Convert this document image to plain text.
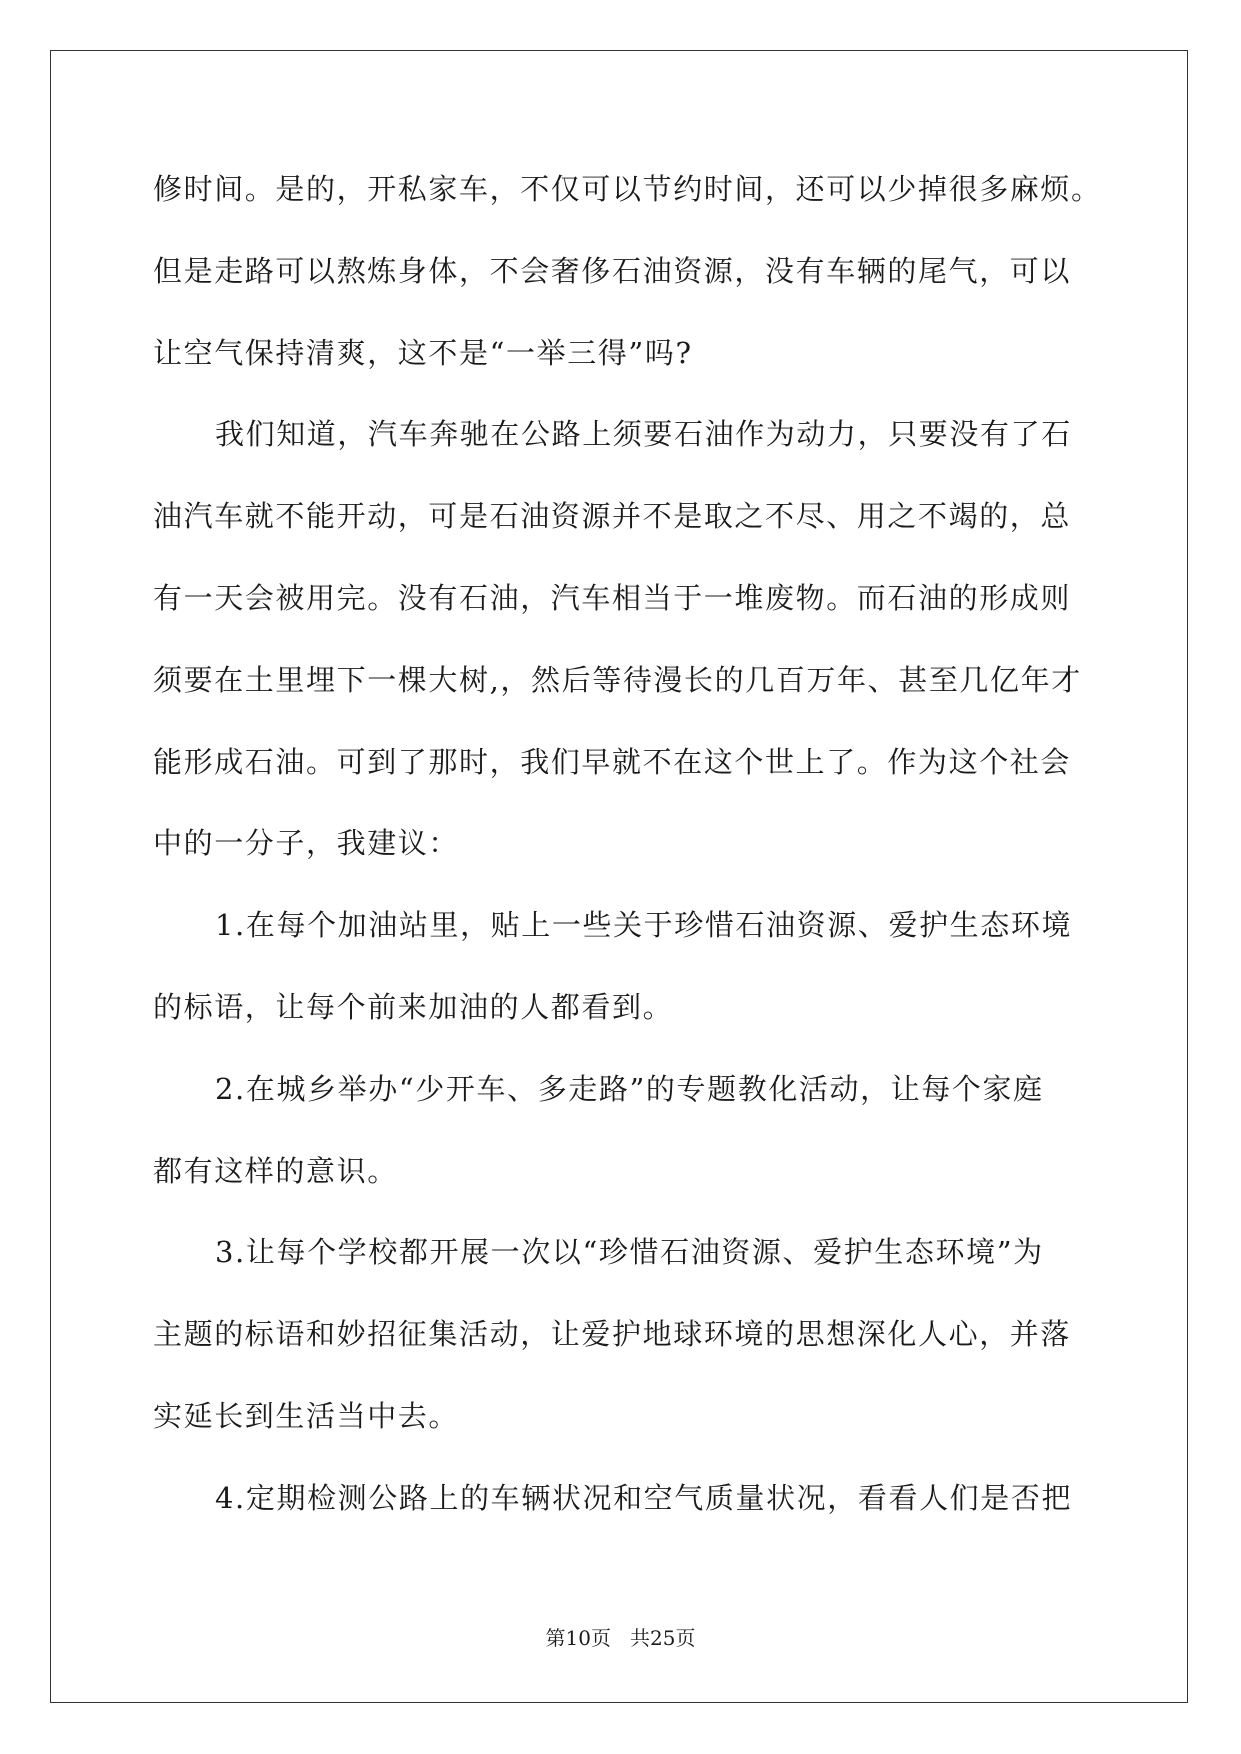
修时间。是的，开私家车，不仅可以节约时间，还可以少掉很多麻烦。
但是走路可以熬炼身体，不会奢侈石油资源，没有车辆的尾气，可以
让空气保持清爽，这不是“一举三得”吗?
我们知道，汽车奔驰在公路上须要石油作为动力，只要没有了石
油汽车就不能开动，可是石油资源并不是取之不尽、用之不竭的，总
有一天会被用完。没有石油，汽车相当于一堆废物。而石油的形成则
须要在土里埋下一棵大树,，然后等待漫长的几百万年、甚至几亿年才
能形成石油。可到了那时，我们早就不在这个世上了。作为这个社会
中的一分子，我建议：
1.在每个加油站里，贴上一些关于珍惜石油资源、爱护生态环境
的标语，让每个前来加油的人都看到。
2.在城乡举办“少开车、多走路”的专题教化活动，让每个家庭
都有这样的意识。
3.让每个学校都开展一次以“珍惜石油资源、爱护生态环境”为
主题的标语和妙招征集活动，让爱护地球环境的思想深化人心，并落
实延长到生活当中去。
4.定期检测公路上的车辆状况和空气质量状况，看看人们是否把
第10页   共25页
